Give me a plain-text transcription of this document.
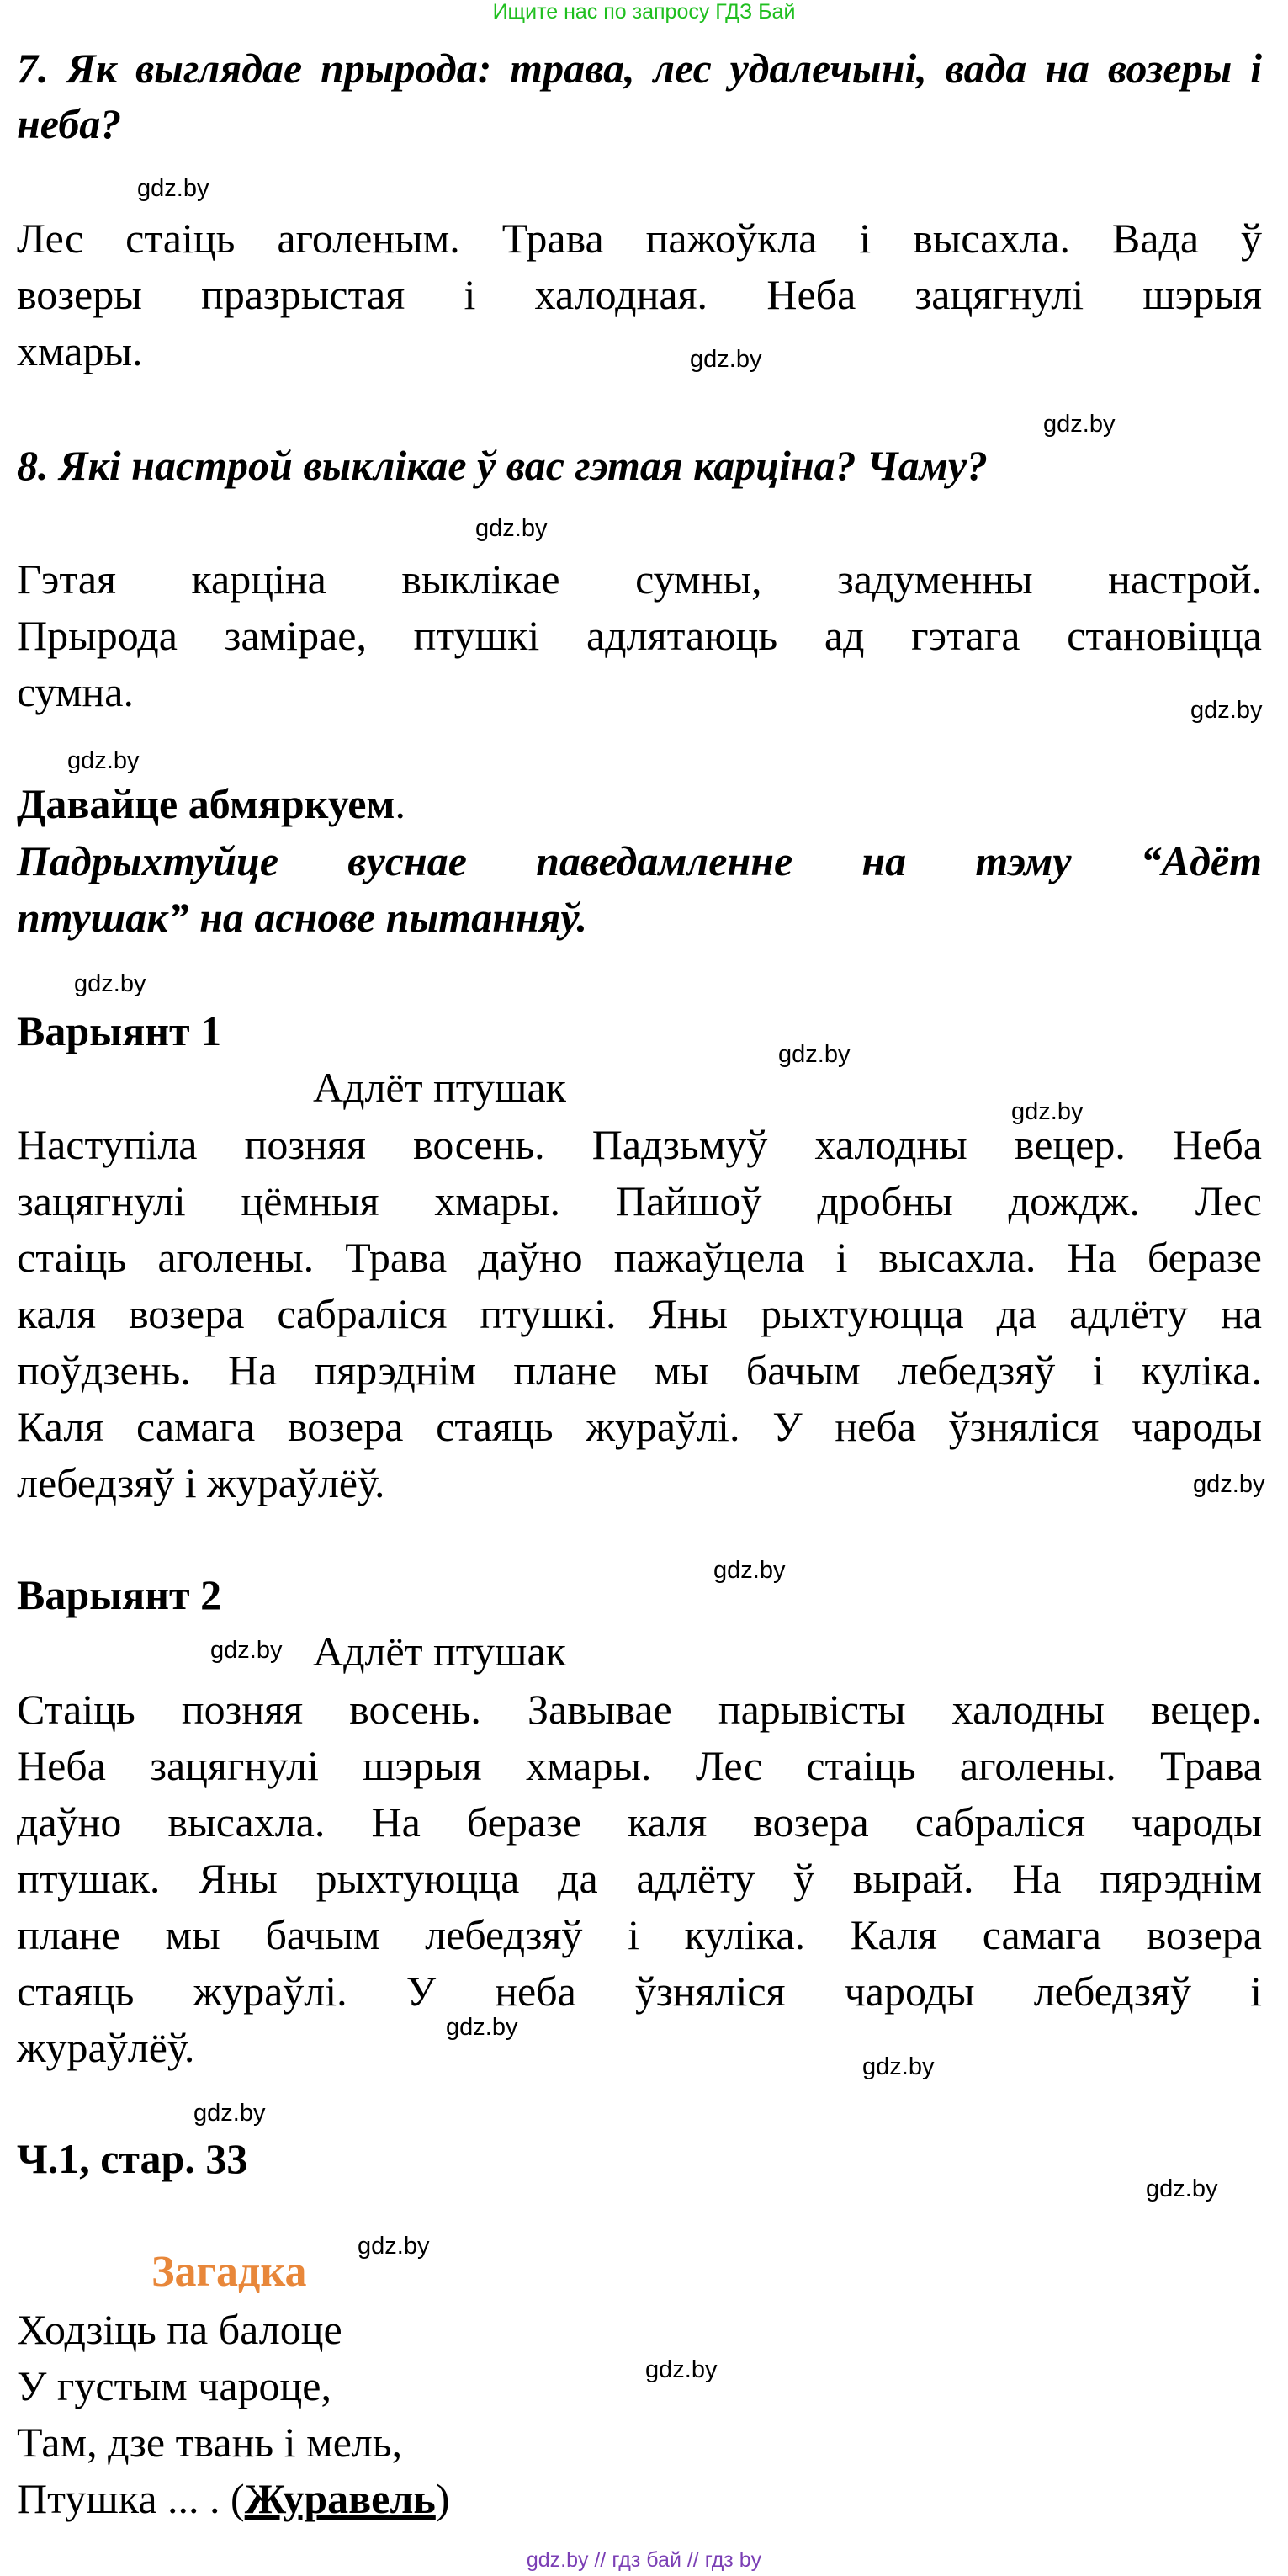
Ищите нас по запросу ГДЗ Бай
7. Як выглядае прырода: трава, лес удалечыні, вада на возеры і неба?
gdz.by
Лес стаіць аголеным. Трава пажоўкла і высахла. Вада ў
возеры празрыстая і халодная. Неба зацягнулі шэрыя
хмары.	gdz.by
gdz.by
8. Які настрой выклікае ў вас гэтая карціна? Чаму?
gdz.by
Гэтая карціна выклікае сумны, задуменны настрой.
Прырода замірае, птушкі адлятаюць ад гэтага становіцца
сумна.	gdz.by
gdz.by
Давайце абмяркуем.
Падрыхтуйце вуснае паведамленне на тэму “Адёт
птушак” на аснове пытанняў.
gdz.by
Варыянт 1	gdz.by
Адлёт птушак
gdz.by
Наступіла позняя восень. Падзьмуў халодны вецер. Неба
зацягнулі цёмныя хмары. Пайшоў дробны дождж. Лес
стаіць аголены. Трава даўно пажаўцела і высахла. На беразе
каля возера сабраліся птушкі. Яны рыхтуюцца да адлёту на
поўдзень. На пярэднім плане мы бачым лебедзяў і куліка.
Каля самага возера стаяць жураўлі. У неба ўзняліся чароды
лебедзяў і жураўлёў.	gdz.by
gdz.by
Варыянт 2
gdz.by Адлёт птушак
Стаіць позняя восень. Завывае парывісты халодны вецер.
Неба зацягнулі шэрыя хмары. Лес стаіць аголены. Трава
даўно высахла. На беразе каля возера сабраліся чароды
птушак. Яны рыхтуюцца да адлёту ў вырай. На пярэднім
плане мы бачым лебедзяў і куліка. Каля самага возера
стаяць жураўлі. У неба ўзняліся чароды лебедзяў і
жураўлёў.	gdz.by
gdz.by
gdz.by
Ч.1, стар. 33
gdz.by
gdz.by
Загадка
Ходзіць па балоце
У густым чароце,	gdz.by
Там, дзе твань і мель,
Птушка ... . (Журавель)
gdz.by // гдз бай // гдз by
